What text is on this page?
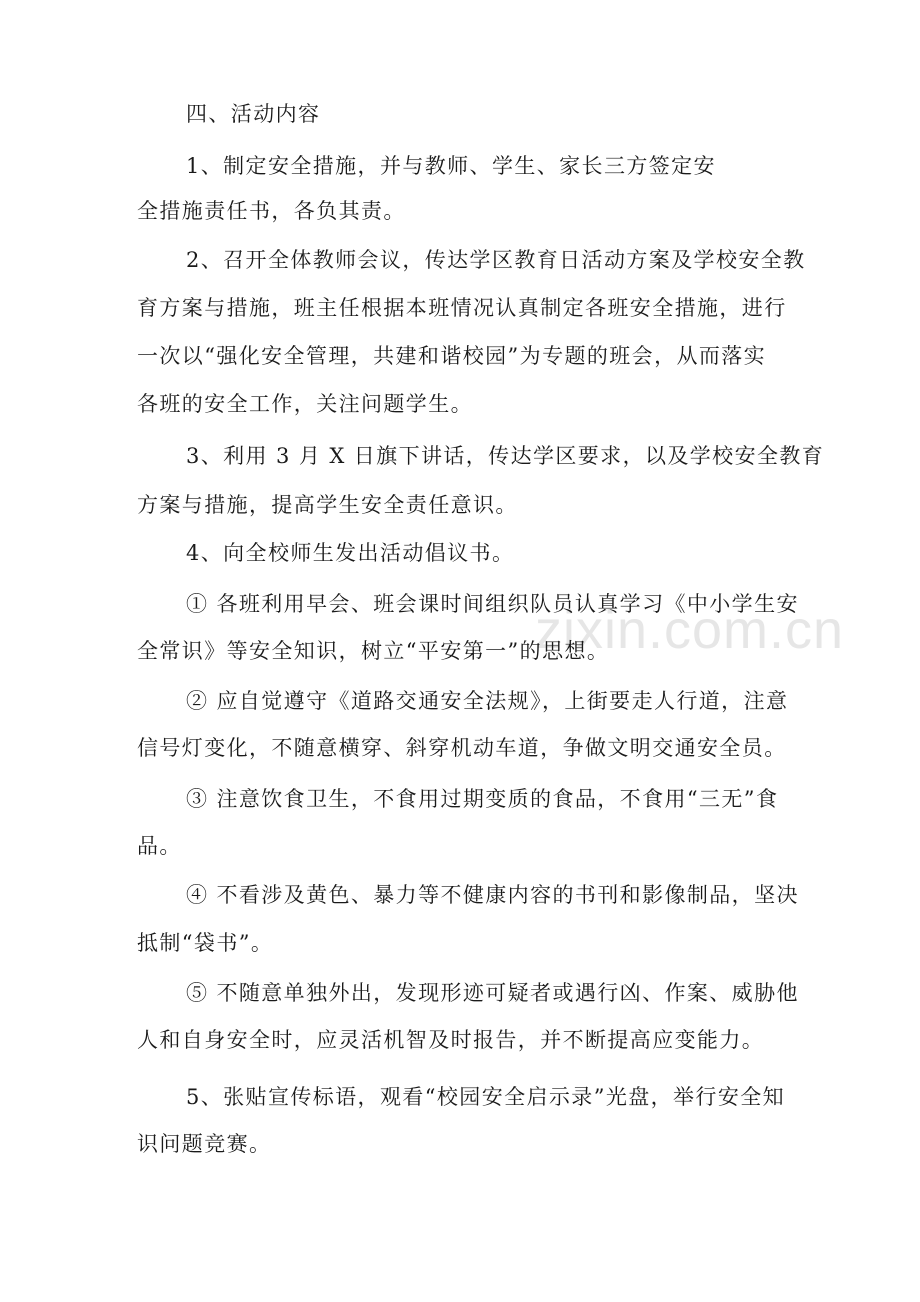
zixin.com.cn
四、活动内容
1、制定安全措施，并与教师、学生、家长三方签定安
全措施责任书，各负其责。
2、召开全体教师会议，传达学区教育日活动方案及学校安全教
育方案与措施，班主任根据本班情况认真制定各班安全措施，进行
一次以“强化安全管理，共建和谐校园”为专题的班会，从而落实
各班的安全工作，关注问题学生。
3、利用 3 月 X 日旗下讲话，传达学区要求，以及学校安全教育
方案与措施，提高学生安全责任意识。
4、向全校师生发出活动倡议书。
① 各班利用早会、班会课时间组织队员认真学习《中小学生安
全常识》等安全知识，树立“平安第一”的思想。
② 应自觉遵守《道路交通安全法规》，上街要走人行道，注意
信号灯变化，不随意横穿、斜穿机动车道，争做文明交通安全员。
③ 注意饮食卫生，不食用过期变质的食品，不食用“三无”食
品。
④ 不看涉及黄色、暴力等不健康内容的书刊和影像制品，坚决
抵制“袋书”。
⑤ 不随意单独外出，发现形迹可疑者或遇行凶、作案、威胁他
人和自身安全时，应灵活机智及时报告，并不断提高应变能力。
5、张贴宣传标语，观看“校园安全启示录”光盘，举行安全知
识问题竞赛。
